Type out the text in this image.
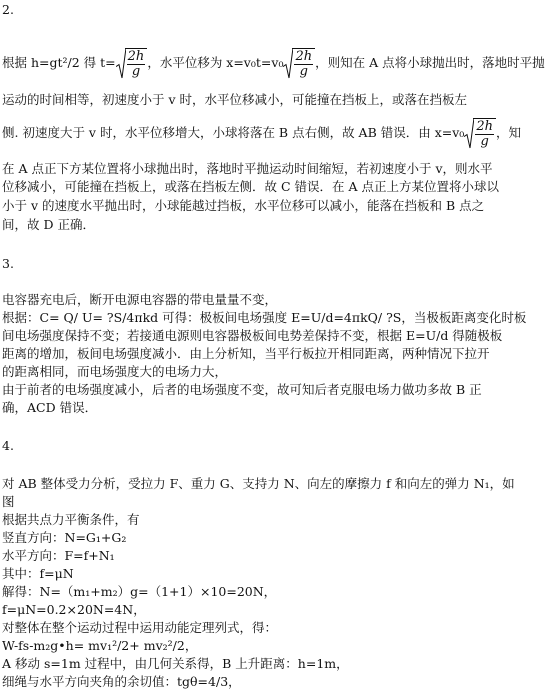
2.
根据 h=gt²/2 得 $t= \frac{2h}{g}$ ，水平位移为 $x=v_0t=v_0 \frac{2h}{g}$ ，则知在 A 点将小球抛出时，落地时平抛
运动的时间相等，初速度小于 v 时，水平位移减小，可能撞在挡板上，或落在挡板左
侧. 初速度大于 v 时，水平位移增大，小球将落在 B 点右侧，故 AB 错误．由 $x=v_0 \frac{2h}{g}$ ，知
在 A 点正下方某位置将小球抛出时，落地时平抛运动时间缩短，若初速度小于 v，则水平
位移减小，可能撞在挡板上，或落在挡板左侧．故 C 错误．在 A 点正上方某位置将小球以
小于 v 的速度水平抛出时，小球能越过挡板，水平位移可以减小，能落在挡板和 B 点之
间，故 D 正确．
3.
电容器充电后，断开电源电容器的带电量量不变，
根据：C= Q/ U= ?S/4πkd 可得：极板间电场强度 E=U/d=4πkQ/ ?S，当极板距离变化时板
间电场强度保持不变；若接通电源则电容器极板间电势差保持不变，根据 E=U/d 得随极板
距离的增加，板间电场强度减小．由上分析知，当平行板拉开相同距离，两种情况下拉开
的距离相同，而电场强度大的电场力大，
由于前者的电场强度减小，后者的电场强度不变，故可知后者克服电场力做功多故 B 正
确，ACD 错误．
4.
对 AB 整体受力分析，受拉力 F、重力 G、支持力 N、向左的摩擦力 f 和向左的弹力 N₁，如
图
根据共点力平衡条件，有
竖直方向：N=G₁+G₂
水平方向：F=f+N₁
其中：f=μN
解得：N=（m₁+m₂）g=（1+1）×10=20N，
f=μN=0.2×20N=4N，
对整体在整个运动过程中运用动能定理列式，得：
W-fs-m₂g•h= mv₁²/2+ mv₂²/2，
A 移动 s=1m 过程中，由几何关系得，B 上升距离：h=1m，
细绳与水平方向夹角的余切值：tgθ=4/3，
